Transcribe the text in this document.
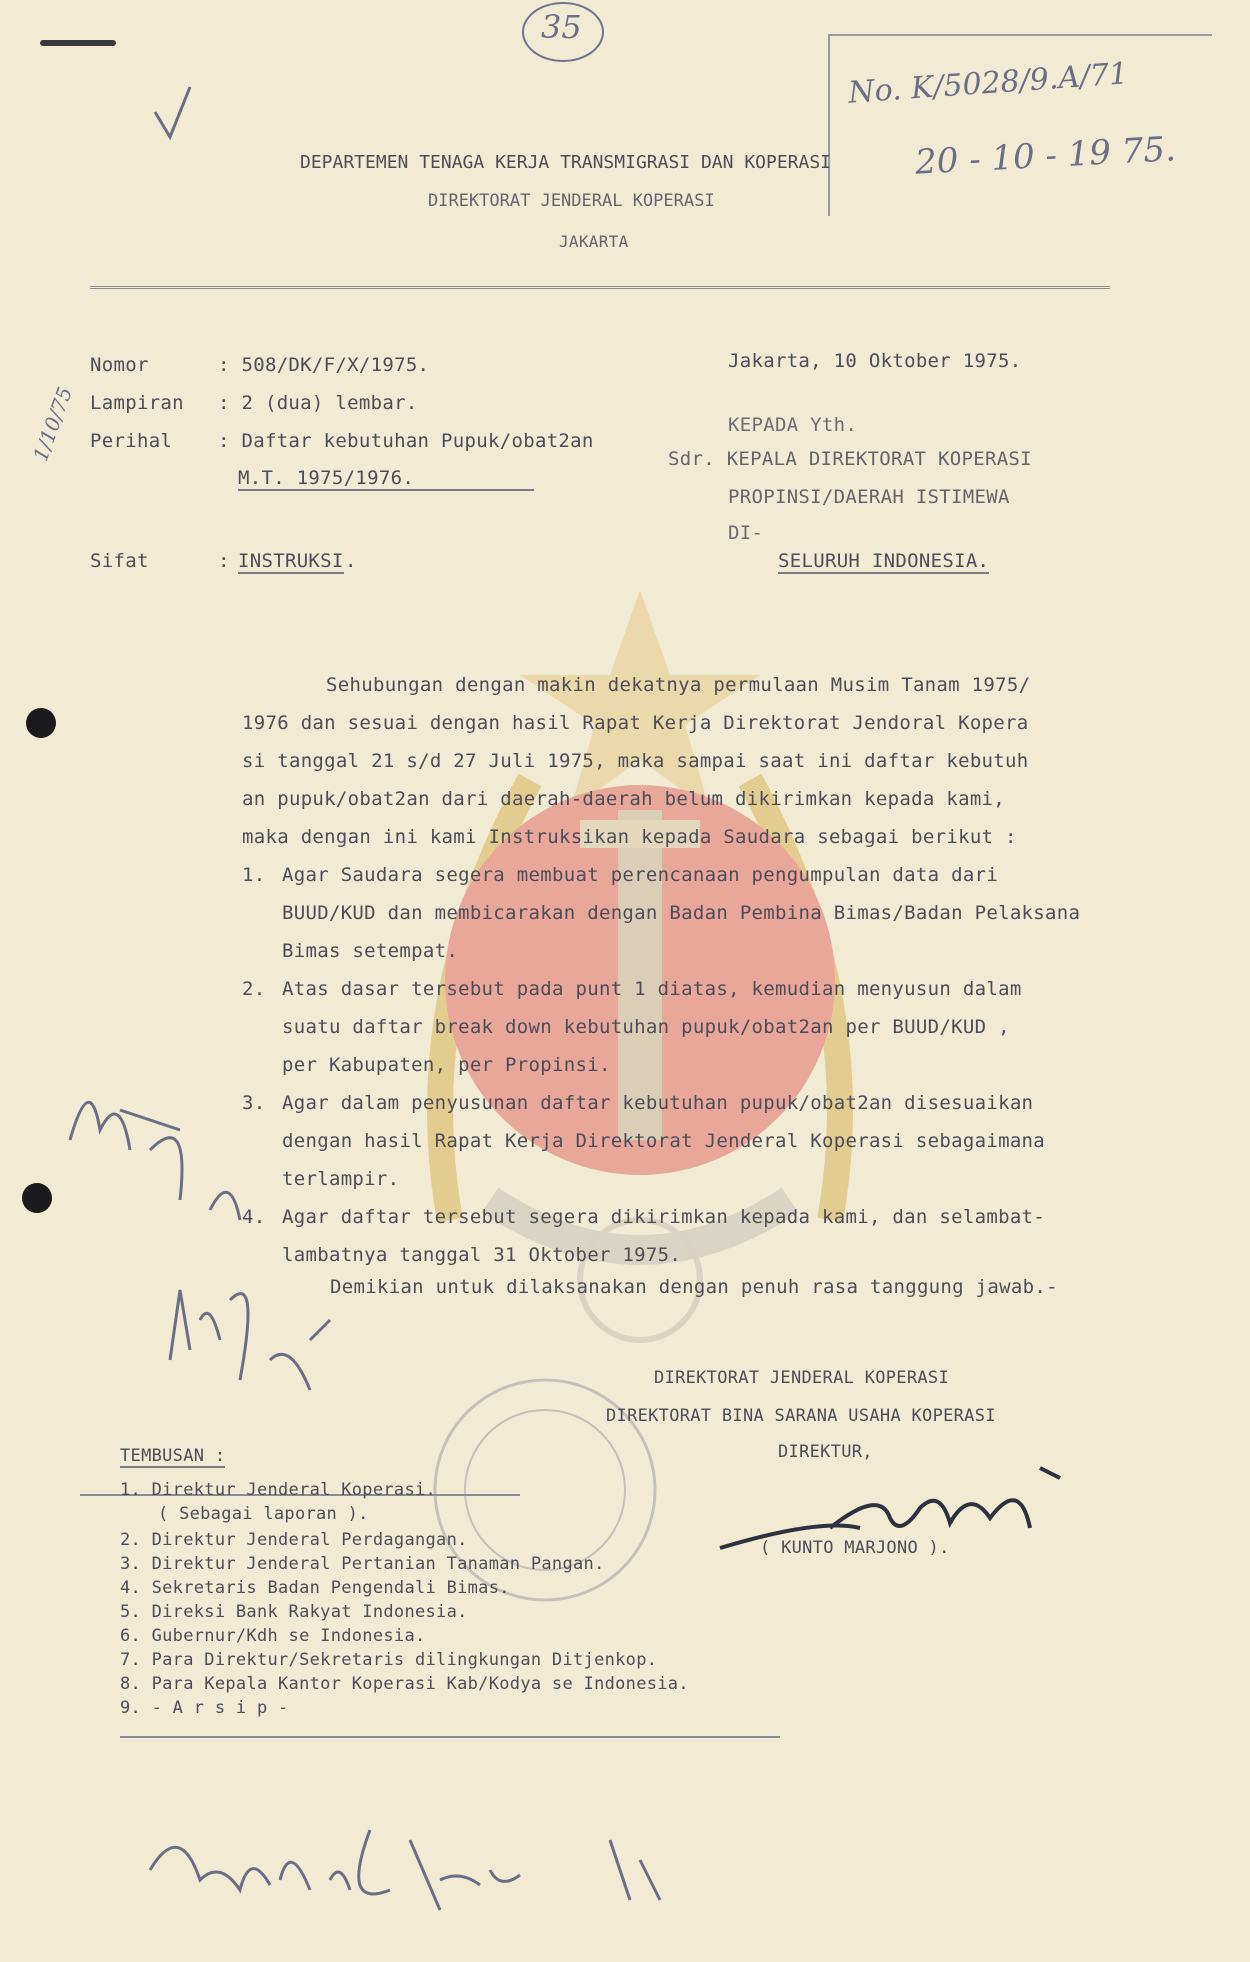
35
No. K/5028/9.A/71
20 - 10 - 19 75.
DEPARTEMEN TENAGA KERJA TRANSMIGRASI DAN KOPERASI
DIREKTORAT JENDERAL KOPERASI
JAKARTA
Nomor	: 508/DK/F/X/1975.
Lampiran : 2 (dua) lembar.
Perihal : Daftar kebutuhan Pupuk/obat2an
M.T. 1975/1976.
1/10/75
Sifat	: INSTRUKSI .
Jakarta, 10 Oktober 1975.
KEPADA Yth.
Sdr. KEPALA DIREKTORAT KOPERASI
PROPINSI/DAERAH ISTIMEWA
DI-
SELURUH INDONESIA.
Sehubungan dengan makin dekatnya permulaan Musim Tanam 1975/
1976 dan sesuai dengan hasil Rapat Kerja Direktorat Jendoral Kopera
si tanggal 21 s/d 27 Juli 1975, maka sampai saat ini daftar kebutuh
an pupuk/obat2an dari daerah-daerah belum dikirimkan kepada kami,
maka dengan ini kami Instruksikan kepada Saudara sebagai berikut :
1. Agar Saudara segera membuat perencanaan pengumpulan data dari
BUUD/KUD dan membicarakan dengan Badan Pembina Bimas/Badan Pelaksana
Bimas setempat.
2. Atas dasar tersebut pada punt 1 diatas, kemudian menyusun dalam
suatu daftar break down kebutuhan pupuk/obat2an per BUUD/KUD ,
per Kabupaten, per Propinsi.
3. Agar dalam penyusunan daftar kebutuhan pupuk/obat2an disesuaikan
dengan hasil Rapat Kerja Direktorat Jenderal Koperasi sebagaimana
terlampir.
4. Agar daftar tersebut segera dikirimkan kepada kami, dan selambat-
lambatnya tanggal 31 Oktober 1975.
Demikian untuk dilaksanakan dengan penuh rasa tanggung jawab.-
DIREKTORAT JENDERAL KOPERASI
DIREKTORAT BINA SARANA USAHA KOPERASI
DIREKTUR,
( KUNTO MARJONO ).
TEMBUSAN :
1. Direktur Jenderal Koperasi.
( Sebagai laporan ).
2. Direktur Jenderal Perdagangan.
3. Direktur Jenderal Pertanian Tanaman Pangan.
4. Sekretaris Badan Pengendali Bimas.
5. Direksi Bank Rakyat Indonesia.
6. Gubernur/Kdh se Indonesia.
7. Para Direktur/Sekretaris dilingkungan Ditjenkop.
8. Para Kepala Kantor Koperasi Kab/Kodya se Indonesia.
9. - A r s i p -
